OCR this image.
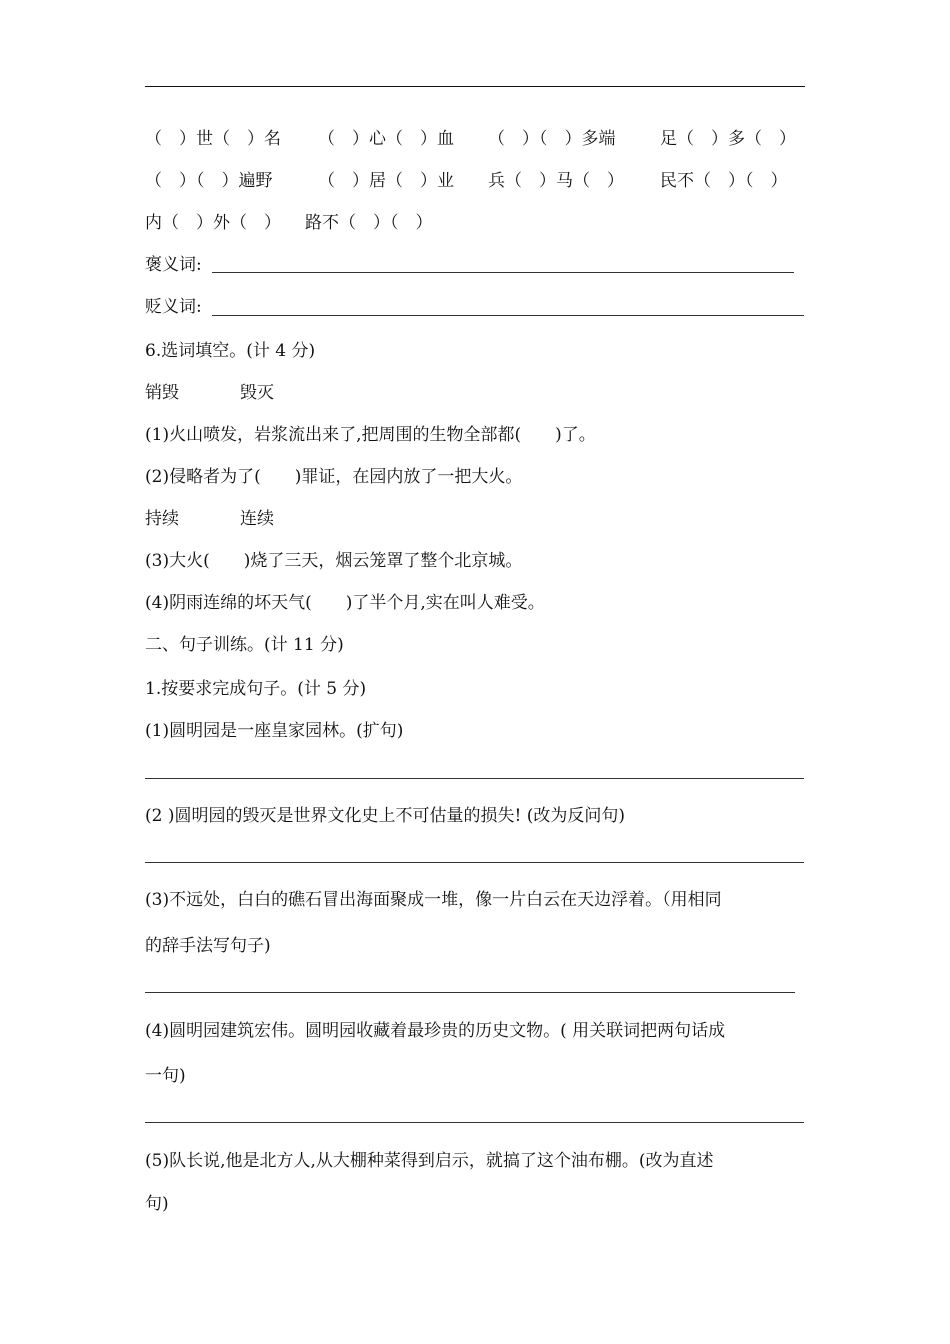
（　）世（　）名 （　）心（　）血 （　）（　）多端	足（　）多（　）
（　）（　）遍野	（　）居（　）业 兵（　）马（　） 民不（　）（　）
内（　）外（　） 路不（　）（　）
褒义词:
贬义词:
6.选词填空。(计 4 分)
销毁	毁灭
(1)火山喷发，岩浆流出来了,把周围的生物全部都(　　)了。
(2)侵略者为了(　　)罪证，在园内放了一把大火。
持续	连续
(3)大火(　　)烧了三天，烟云笼罩了整个北京城。
(4)阴雨连绵的坏天气(　　)了半个月,实在叫人难受。
二、句子训练。(计 11 分)
1.按要求完成句子。(计 5 分)
(1)圆明园是一座皇家园林。(扩句)
(2 )圆明园的毁灭是世界文化史上不可估量的损失! (改为反问句)
(3)不远处，白白的礁石冒出海面聚成一堆，像一片白云在天边浮着。（用相同
的辞手法写句子)
(4)圆明园建筑宏伟。圆明园收藏着最珍贵的历史文物。( 用关联词把两句话成
一句)
(5)队长说,他是北方人,从大棚种菜得到启示，就搞了这个油布棚。(改为直述
句)
